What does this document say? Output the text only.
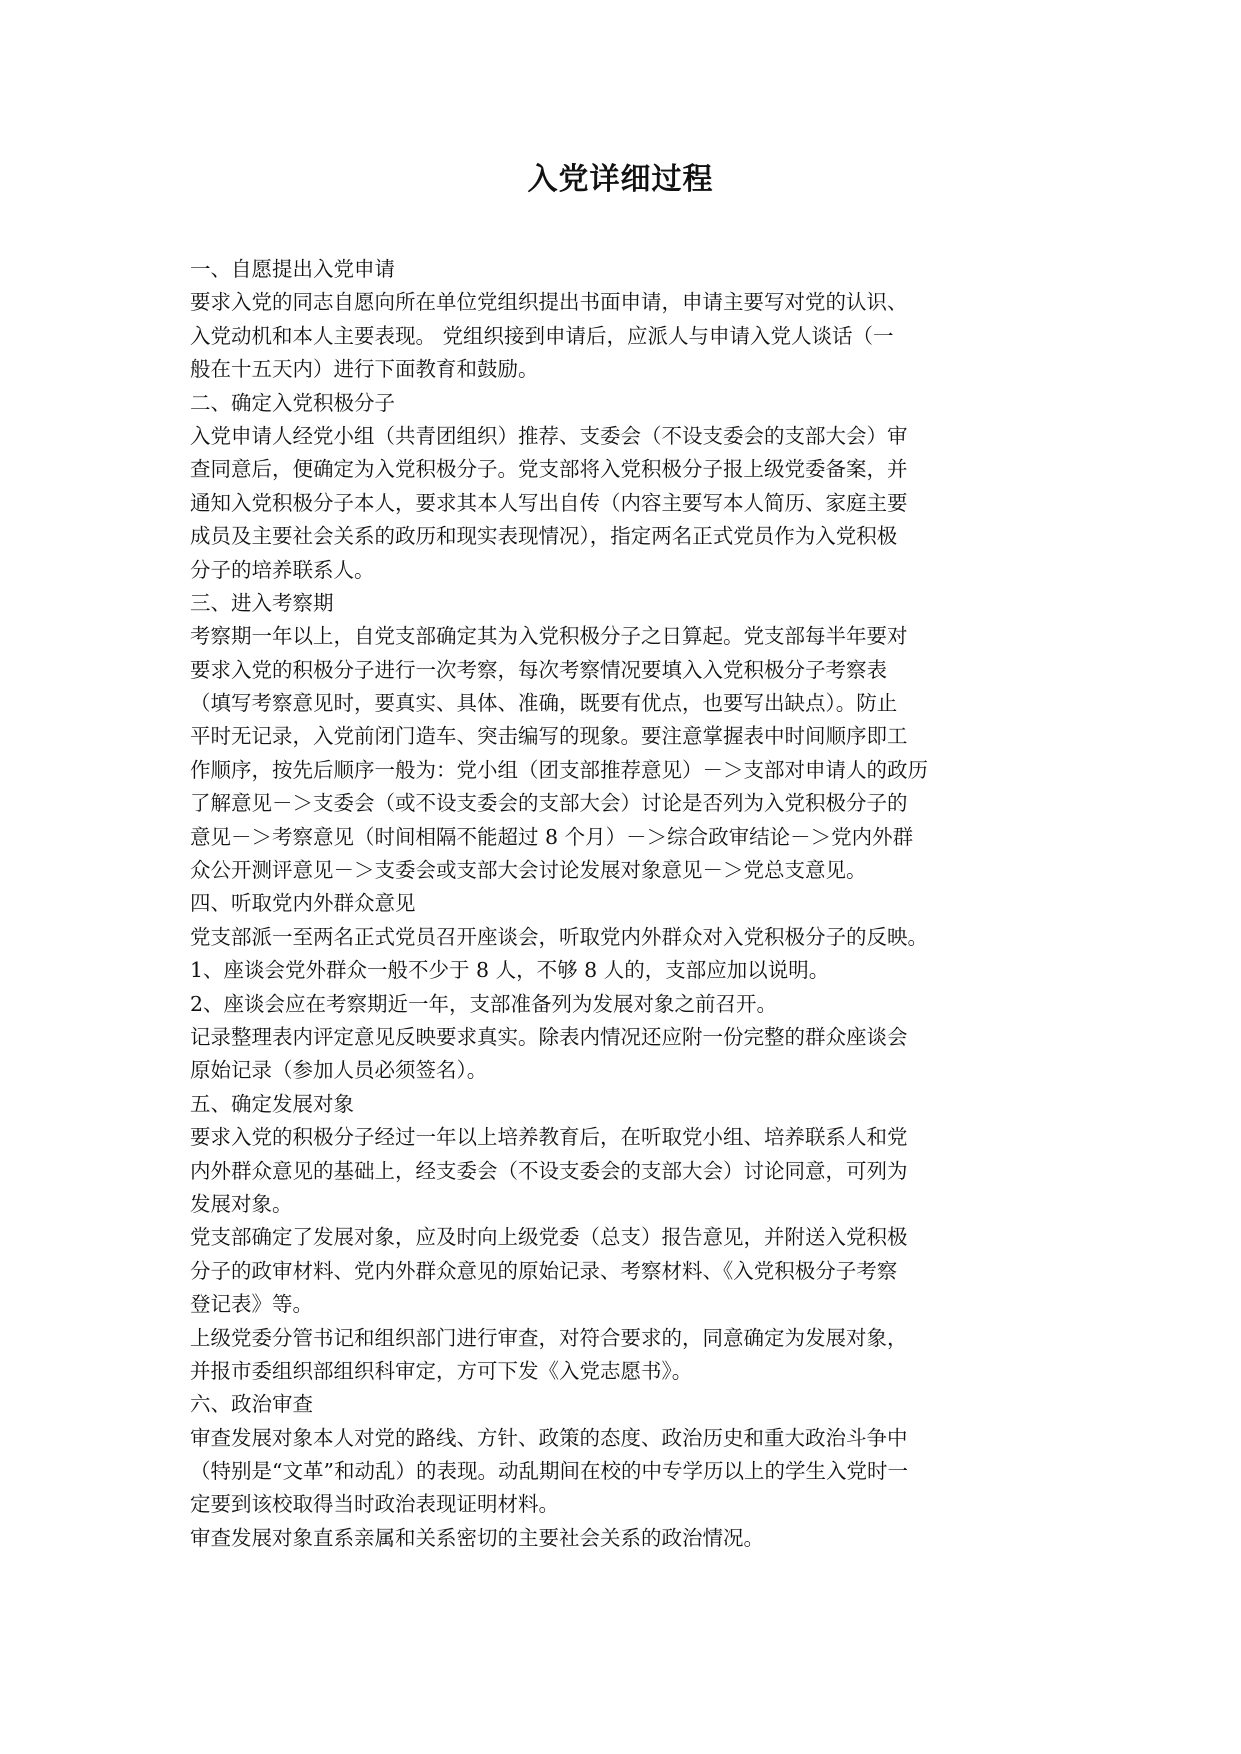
入党详细过程
一、自愿提出入党申请
要求入党的同志自愿向所在单位党组织提出书面申请，申请主要写对党的认识、
入党动机和本人主要表现。 党组织接到申请后，应派人与申请入党人谈话（一
般在十五天内）进行下面教育和鼓励。
二、确定入党积极分子
入党申请人经党小组（共青团组织）推荐、支委会（不设支委会的支部大会）审
查同意后，便确定为入党积极分子。党支部将入党积极分子报上级党委备案，并
通知入党积极分子本人，要求其本人写出自传（内容主要写本人简历、家庭主要
成员及主要社会关系的政历和现实表现情况），指定两名正式党员作为入党积极
分子的培养联系人。
三、进入考察期
考察期一年以上，自党支部确定其为入党积极分子之日算起。党支部每半年要对
要求入党的积极分子进行一次考察，每次考察情况要填入入党积极分子考察表
（填写考察意见时，要真实、具体、准确，既要有优点，也要写出缺点）。防止
平时无记录，入党前闭门造车、突击编写的现象。要注意掌握表中时间顺序即工
作顺序，按先后顺序一般为：党小组（团支部推荐意见）－＞支部对申请人的政历
了解意见－＞支委会（或不设支委会的支部大会）讨论是否列为入党积极分子的
意见－＞考察意见（时间相隔不能超过 8 个月）－＞综合政审结论－＞党内外群
众公开测评意见－＞支委会或支部大会讨论发展对象意见－＞党总支意见。
四、听取党内外群众意见
党支部派一至两名正式党员召开座谈会，听取党内外群众对入党积极分子的反映。
1、座谈会党外群众一般不少于 8 人，不够 8 人的，支部应加以说明。
2、座谈会应在考察期近一年，支部准备列为发展对象之前召开。
记录整理表内评定意见反映要求真实。除表内情况还应附一份完整的群众座谈会
原始记录（参加人员必须签名）。
五、确定发展对象
要求入党的积极分子经过一年以上培养教育后，在听取党小组、培养联系人和党
内外群众意见的基础上，经支委会（不设支委会的支部大会）讨论同意，可列为
发展对象。
党支部确定了发展对象，应及时向上级党委（总支）报告意见，并附送入党积极
分子的政审材料、党内外群众意见的原始记录、考察材料、《入党积极分子考察
登记表》等。
上级党委分管书记和组织部门进行审查，对符合要求的，同意确定为发展对象，
并报市委组织部组织科审定，方可下发《入党志愿书》。
六、政治审查
审查发展对象本人对党的路线、方针、政策的态度、政治历史和重大政治斗争中
（特别是“文革”和动乱）的表现。动乱期间在校的中专学历以上的学生入党时一
定要到该校取得当时政治表现证明材料。
审查发展对象直系亲属和关系密切的主要社会关系的政治情况。
